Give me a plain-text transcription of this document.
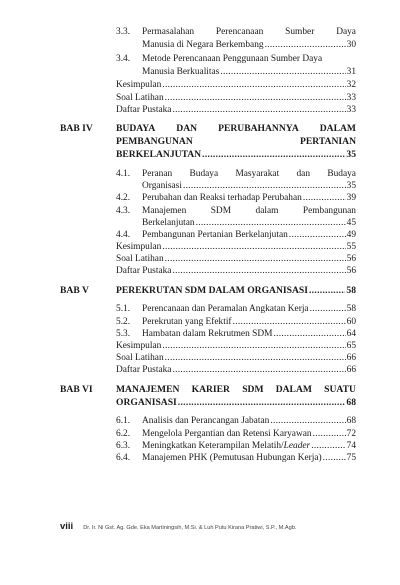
3.3.	Permasalahan Perencanaan Sumber Daya
Manusia di Negara Berkembang .....	30
3.4.	Metode Perencanaan Penggunaan Sumber Daya
Manusia Berkualitas .....	31
Kesimpulan .....	32
Soal Latihan .....	33
Daftar Pustaka .....	33
BAB IV BUDAYA DAN PERUBAHANNYA DALAM
PEMBANGUNAN	PERTANIAN
BERKELANJUTAN .....	35
4.1.	Peranan Budaya Masyarakat dan Budaya
Organisasi .....	35
4.2.	Perubahan dan Reaksi terhadap Perubahan .....	39
4.3.	Manajemen	SDM	dalam	Pembangunan
Berkelanjutan .....	45
4.4.	Pembangunan Pertanian Berkelanjutan .....	49
Kesimpulan .....	55
Soal Latihan .....	56
Daftar Pustaka .....	56
BAB V	PEREKRUTAN SDM DALAM ORGANISASI .....	58
5.1.	Perencanaan dan Peramalan Angkatan Kerja .....	58
5.2.	Perekrutan yang Efektif .....	60
5.3.	Hambatan dalam Rekrutmen SDM .....	64
Kesimpulan .....	65
Soal Latihan .....	66
Daftar Pustaka .....	66
BAB VI MANAJEMEN KARIER SDM DALAM SUATU
ORGANISASI .....	68
6.1.	Analisis dan Perancangan Jabatan .....	68
6.2.	Mengelola Pergantian dan Retensi Karyawan .....	72
6.3.	Meningkatkan Keterampilan Melatih/ Leader .....	74
6.4.	Manajemen PHK (Pemutusan Hubungan Kerja) .....	75
viii Dr. Ir. Ni Gst. Ag. Gde. Eka Martiningsih, M.Si. & Luh Putu Kirana Pratiwi, S.P., M.Agb.
